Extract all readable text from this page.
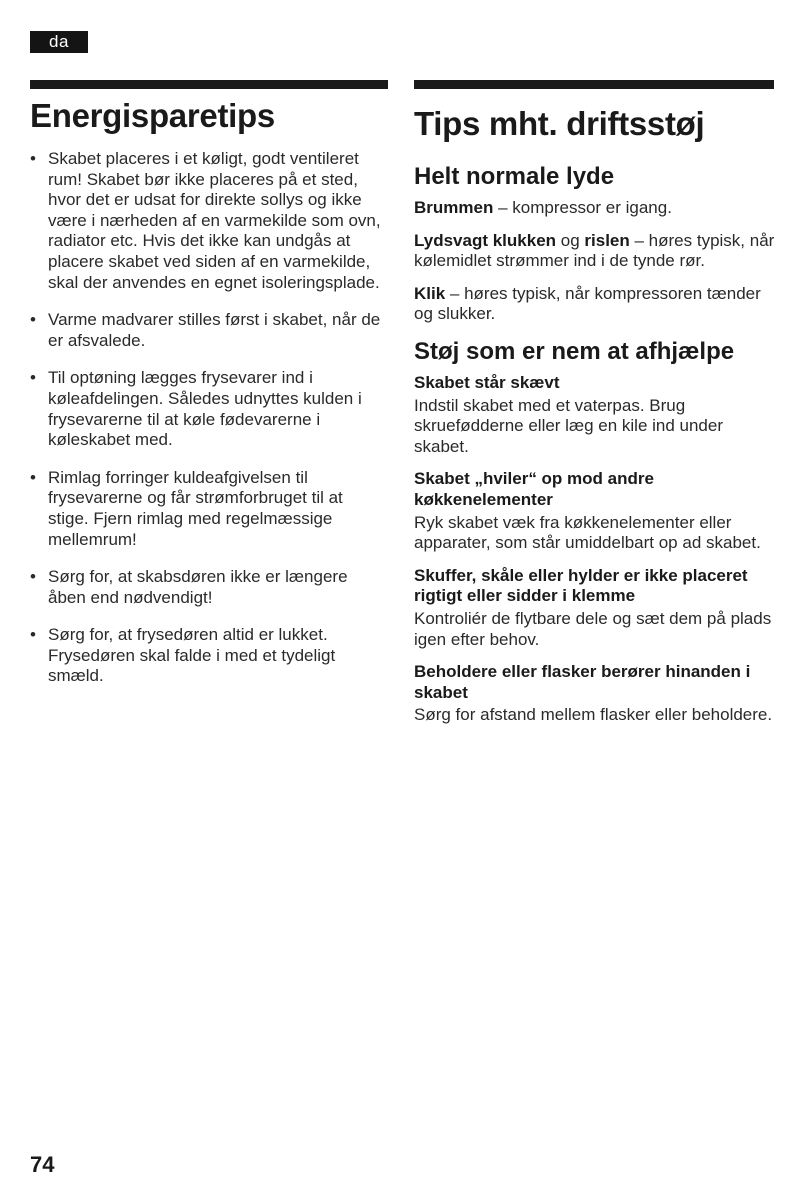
da
Energisparetips
• Skabet placeres i et køligt, godt ventileret rum! Skabet bør ikke placeres på et sted, hvor det er udsat for direkte sollys og ikke være i nærheden af en varmekilde som ovn, radiator etc. Hvis det ikke kan undgås at placere skabet ved siden af en varmekilde, skal der anvendes en egnet isoleringsplade.
• Varme madvarer stilles først i skabet, når de er afsvalede.
• Til optøning lægges frysevarer ind i køleafdelingen. Således udnyttes kulden i frysevarerne til at køle fødevarerne i køleskabet med.
• Rimlag forringer kuldeafgivelsen til frysevarerne og får strømforbruget til at stige. Fjern rimlag med regelmæssige mellemrum!
• Sørg for, at skabsdøren ikke er længere åben end nødvendigt!
• Sørg for, at frysedøren altid er lukket. Frysedøren skal falde i med et tydeligt smæld.
Tips mht. driftsstøj
Helt normale lyde

Brummen – kompressor er igang.

Lydsvagt klukken og rislen – høres typisk, når kølemidlet strømmer ind i de tynde rør.

Klik – høres typisk, når kompressoren tænder og slukker.

Støj som er nem at afhjælpe
Skabet står skævt
Indstil skabet med et vaterpas. Brug skruefødderne eller læg en kile ind under skabet.
Skabet „hviler“ op mod andre køkkenelementer
Ryk skabet væk fra køkkenelementer eller apparater, som står umiddelbart op ad skabet.
Skuffer, skåle eller hylder er ikke placeret rigtigt eller sidder i klemme
Kontroliér de flytbare dele og sæt dem på plads igen efter behov.
Beholdere eller flasker berører hinanden i skabet
Sørg for afstand mellem flasker eller beholdere.
74
